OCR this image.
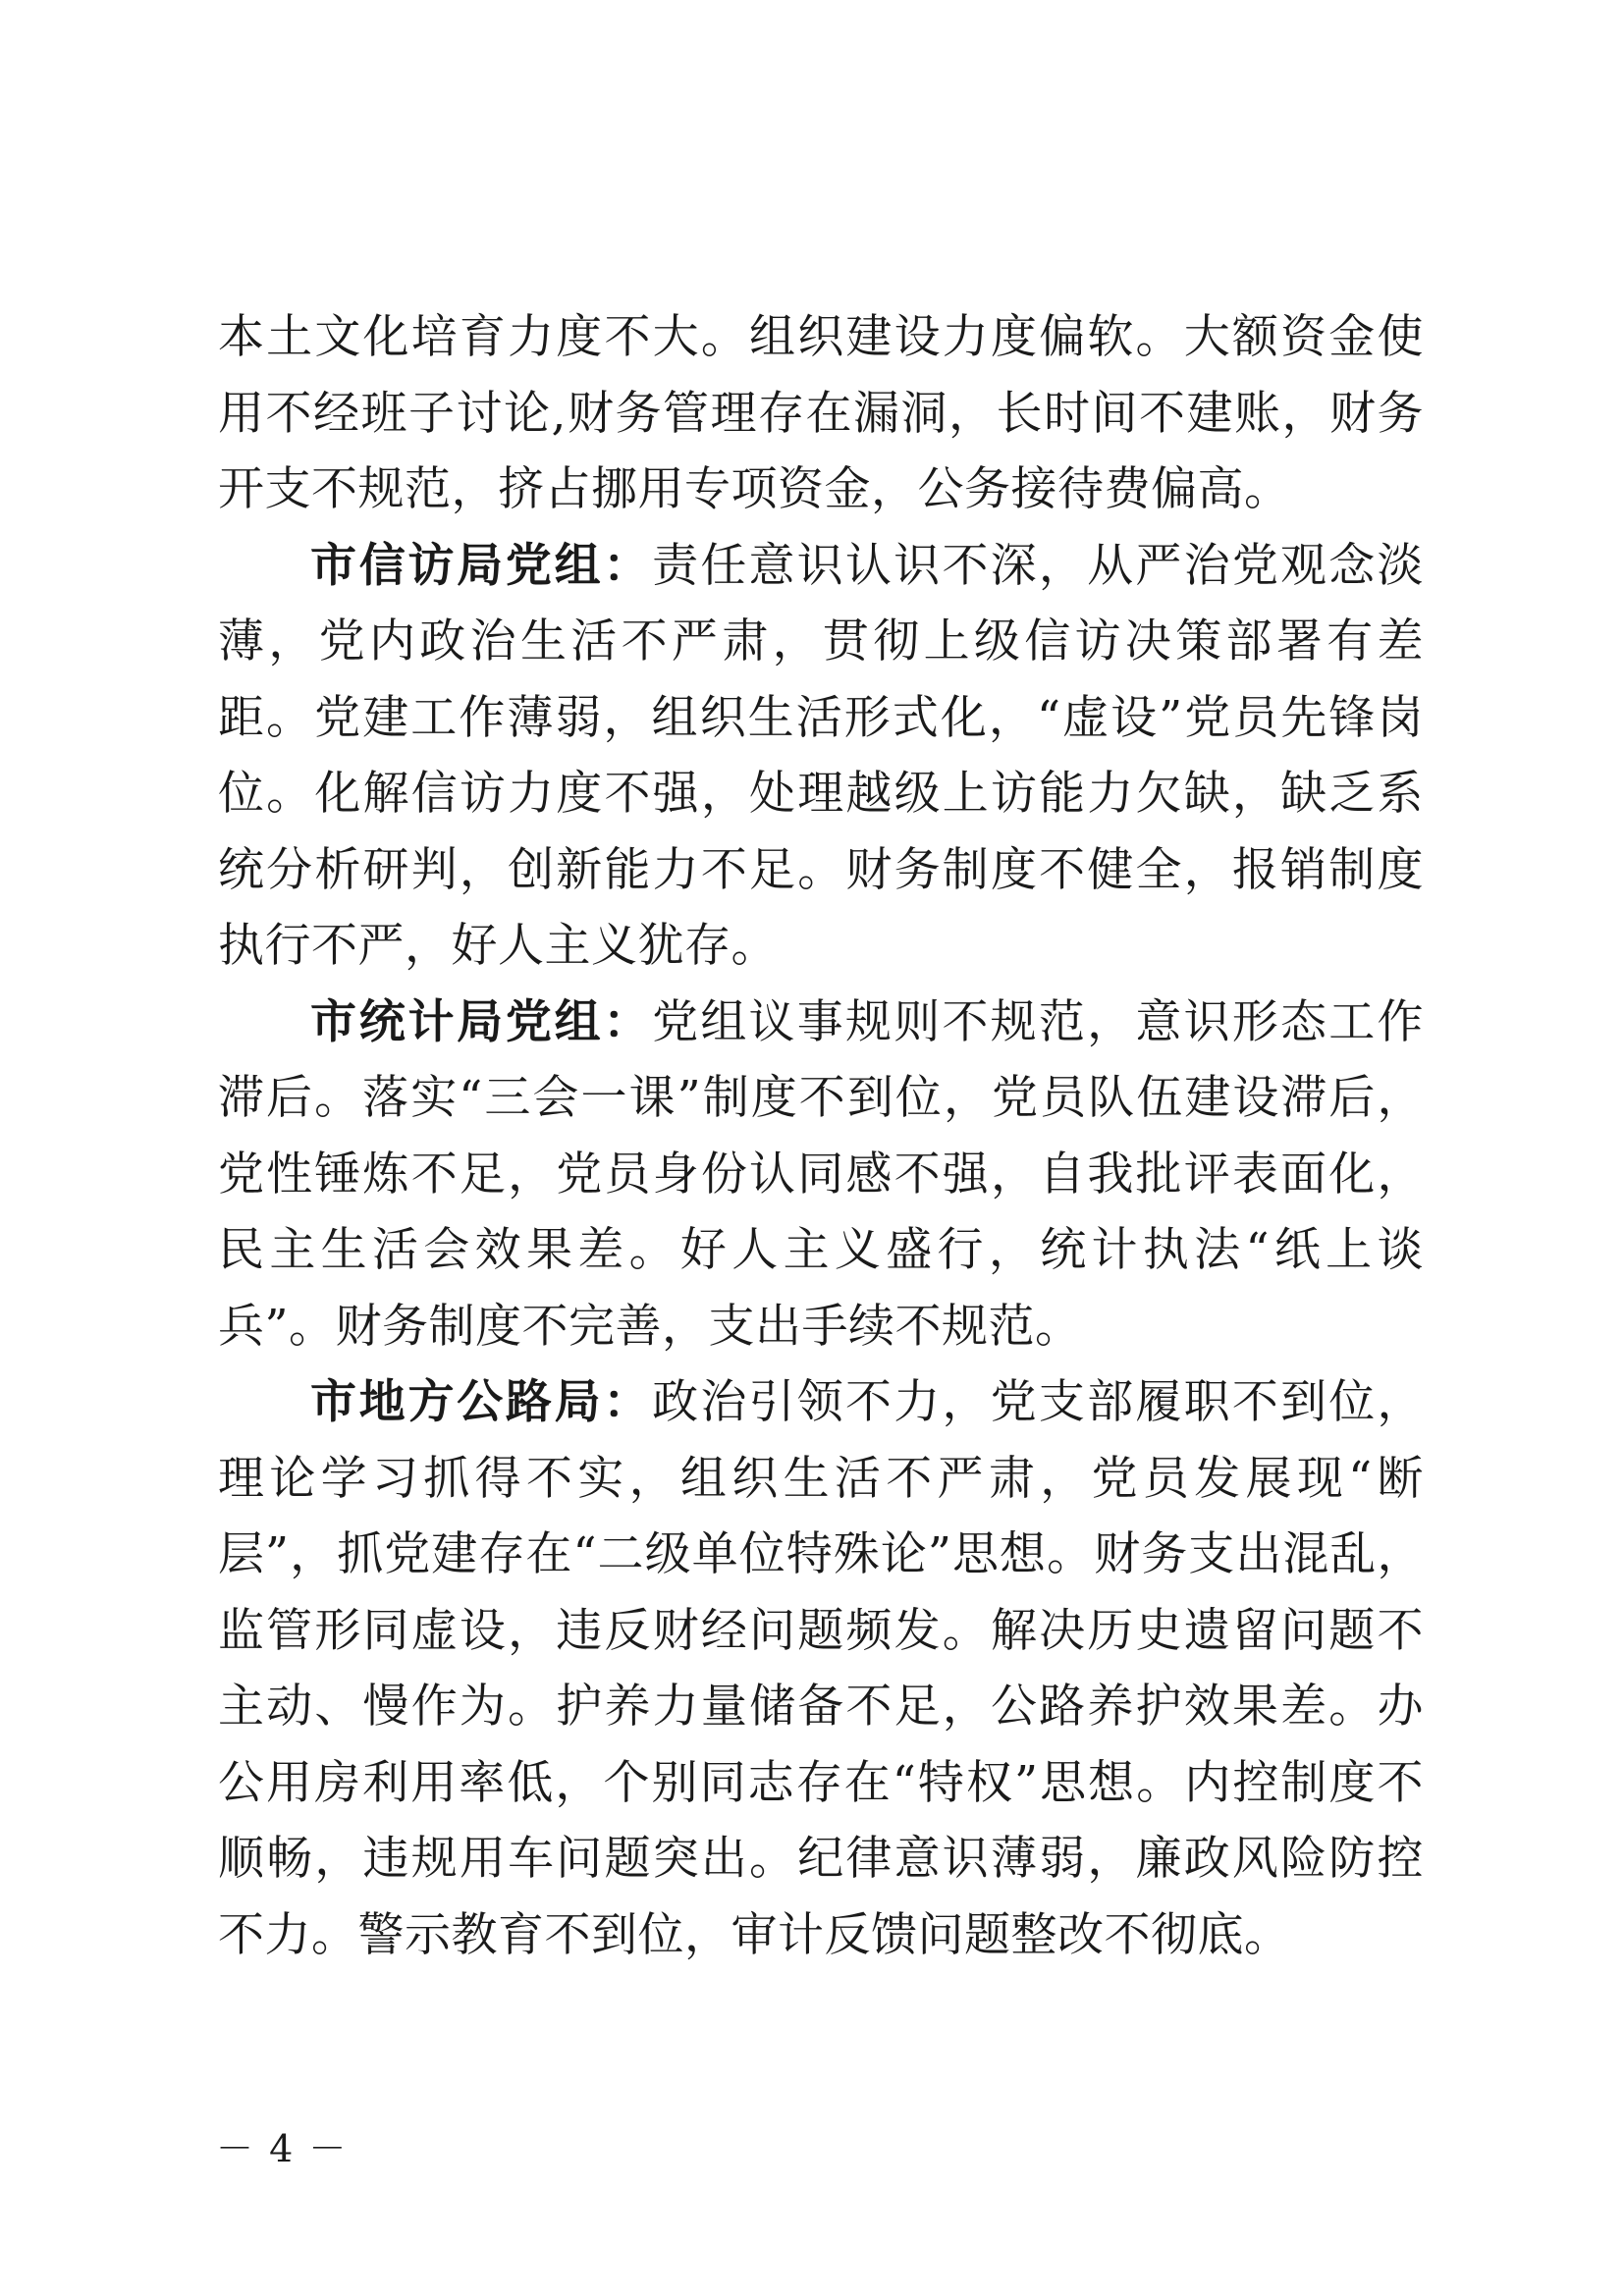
本土文化培育力度不大。组织建设力度偏软。大额资金使用不经班子讨论,财务管理存在漏洞，长时间不建账，财务开支不规范，挤占挪用专项资金，公务接待费偏高。

市信访局党组：责任意识认识不深，从严治党观念淡薄，党内政治生活不严肃，贯彻上级信访决策部署有差距。党建工作薄弱，组织生活形式化，“虚设”党员先锋岗位。化解信访力度不强，处理越级上访能力欠缺，缺乏系统分析研判，创新能力不足。财务制度不健全，报销制度执行不严，好人主义犹存。

市统计局党组：党组议事规则不规范，意识形态工作滞后。落实“三会一课”制度不到位，党员队伍建设滞后，党性锤炼不足，党员身份认同感不强，自我批评表面化，民主生活会效果差。好人主义盛行，统计执法“纸上谈兵”。财务制度不完善，支出手续不规范。

市地方公路局：政治引领不力，党支部履职不到位，理论学习抓得不实，组织生活不严肃，党员发展现“断层”，抓党建存在“二级单位特殊论”思想。财务支出混乱，监管形同虚设，违反财经问题频发。解决历史遗留问题不主动、慢作为。护养力量储备不足，公路养护效果差。办公用房利用率低，个别同志存在“特权”思想。内控制度不顺畅，违规用车问题突出。纪律意识薄弱，廉政风险防控不力。警示教育不到位，审计反馈问题整改不彻底。

－ 4 －
